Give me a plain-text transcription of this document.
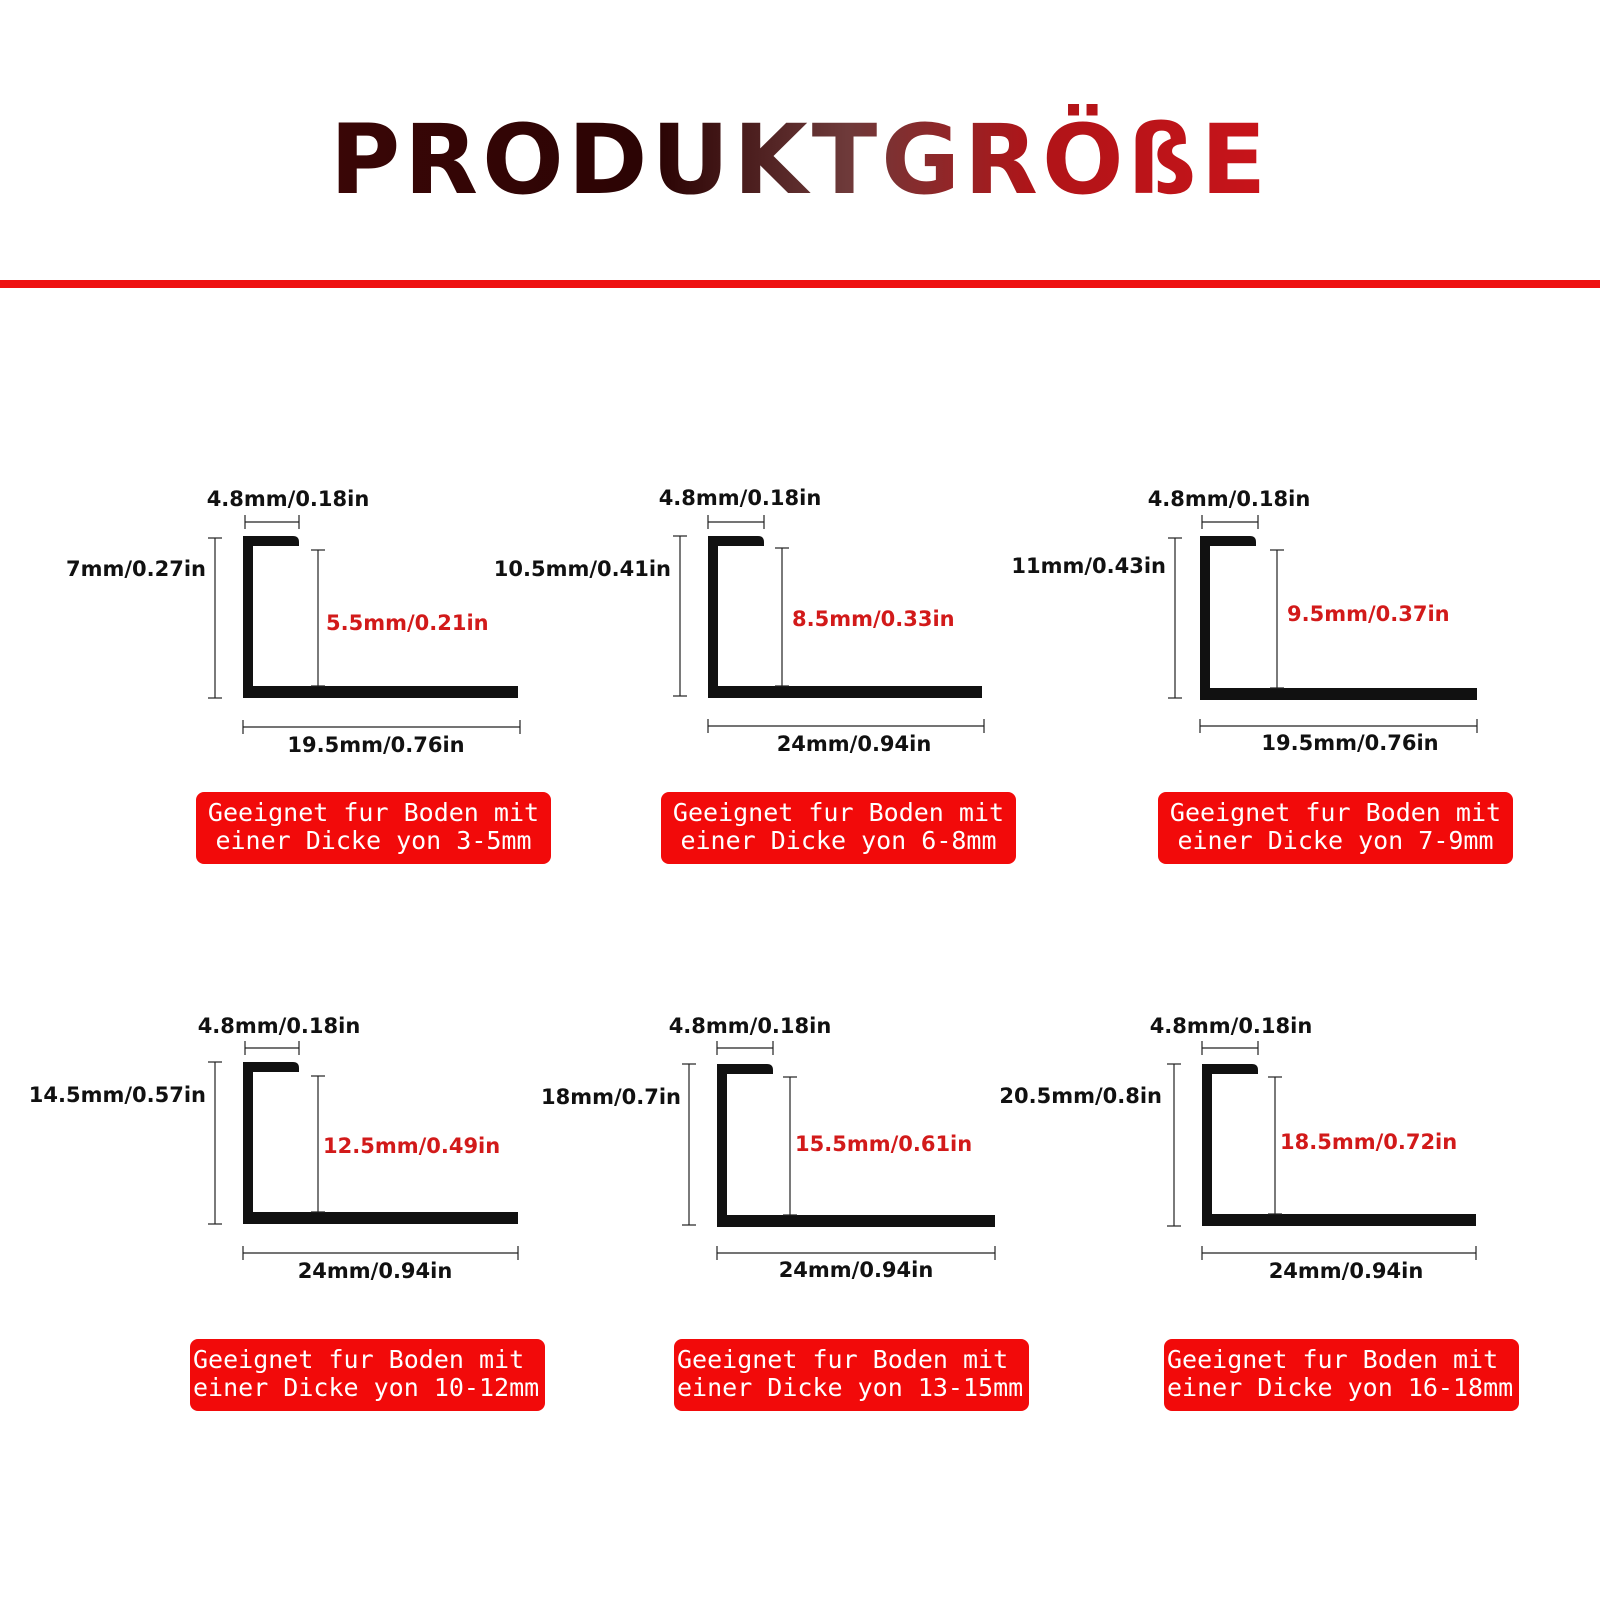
PRODUKTGRÖßE
4.8mm/0.18in
7mm/0.27in
5.5mm/0.21in
19.5mm/0.76in
4.8mm/0.18in
10.5mm/0.41in
8.5mm/0.33in
24mm/0.94in
4.8mm/0.18in
11mm/0.43in
9.5mm/0.37in
19.5mm/0.76in
4.8mm/0.18in
14.5mm/0.57in
12.5mm/0.49in
24mm/0.94in
4.8mm/0.18in
18mm/0.7in
15.5mm/0.61in
24mm/0.94in
4.8mm/0.18in
20.5mm/0.8in
18.5mm/0.72in
24mm/0.94in
Geeignet fur Boden mit
einer Dicke yon 3-5mm
Geeignet fur Boden mit
einer Dicke yon 6-8mm
Geeignet fur Boden mit
einer Dicke yon 7-9mm
Geeignet fur Boden mit
einer Dicke yon 10-12mm
Geeignet fur Boden mit
einer Dicke yon 13-15mm
Geeignet fur Boden mit
einer Dicke yon 16-18mm
